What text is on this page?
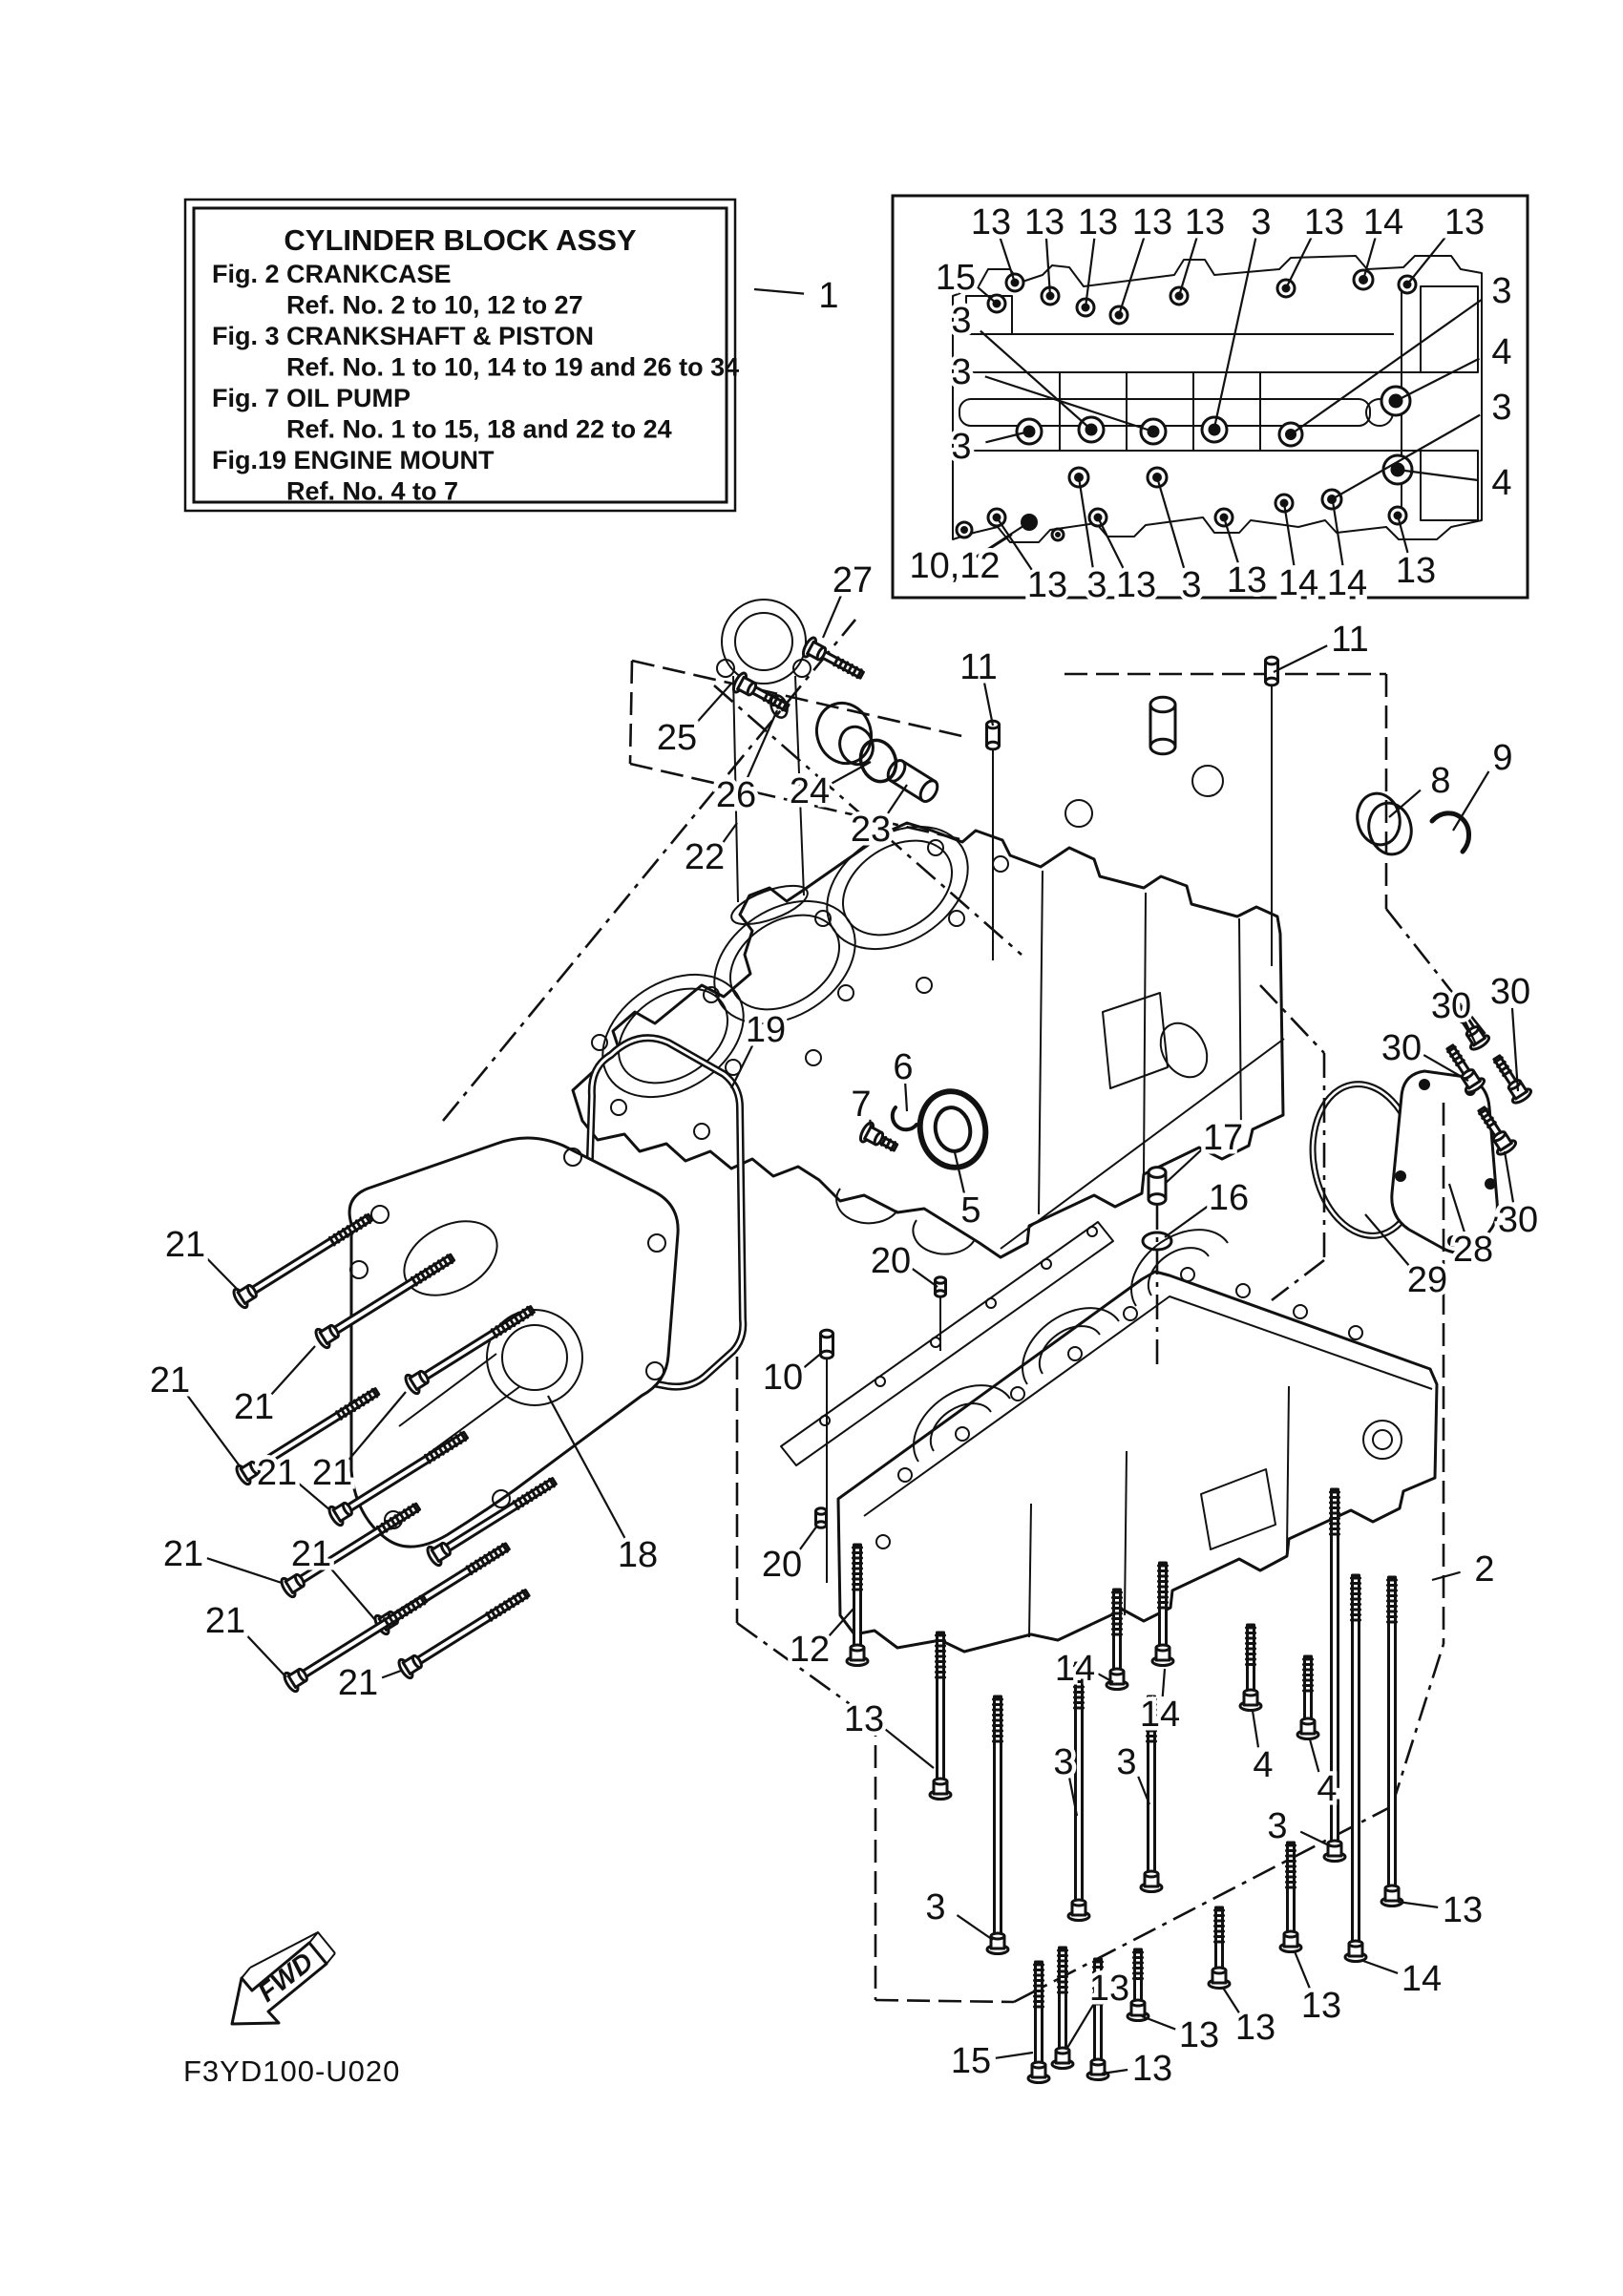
CYLINDER BLOCK ASSY
Fig. 2 CRANKCASE
Ref. No. 2 to 10, 12 to 27
Fig. 3 CRANKSHAFT & PISTON
Ref. No. 1 to 10, 14 to 19 and 26 to 34
Fig. 7 OIL PUMP
Ref. No. 1 to 15, 18 and 22 to 24
Fig.19 ENGINE MOUNT
Ref. No. 4 to 7
FWD
F3YD100-U020
1
13 13 13 13 13 3 13 14 13
15
3
3
3
3
4
3
4
10,12 13 3 13 3 13 14 14 13
27
25
26
22
24
23
11
11
8
9
30 30
30
30
28
29
19
6
7
5
17
16
20
10
18	20
12
2
13
14
14
3 3	4
4
3
3	13
14
13
13
13
13
13
15
21
21
21
21 21
21 21
21
21
